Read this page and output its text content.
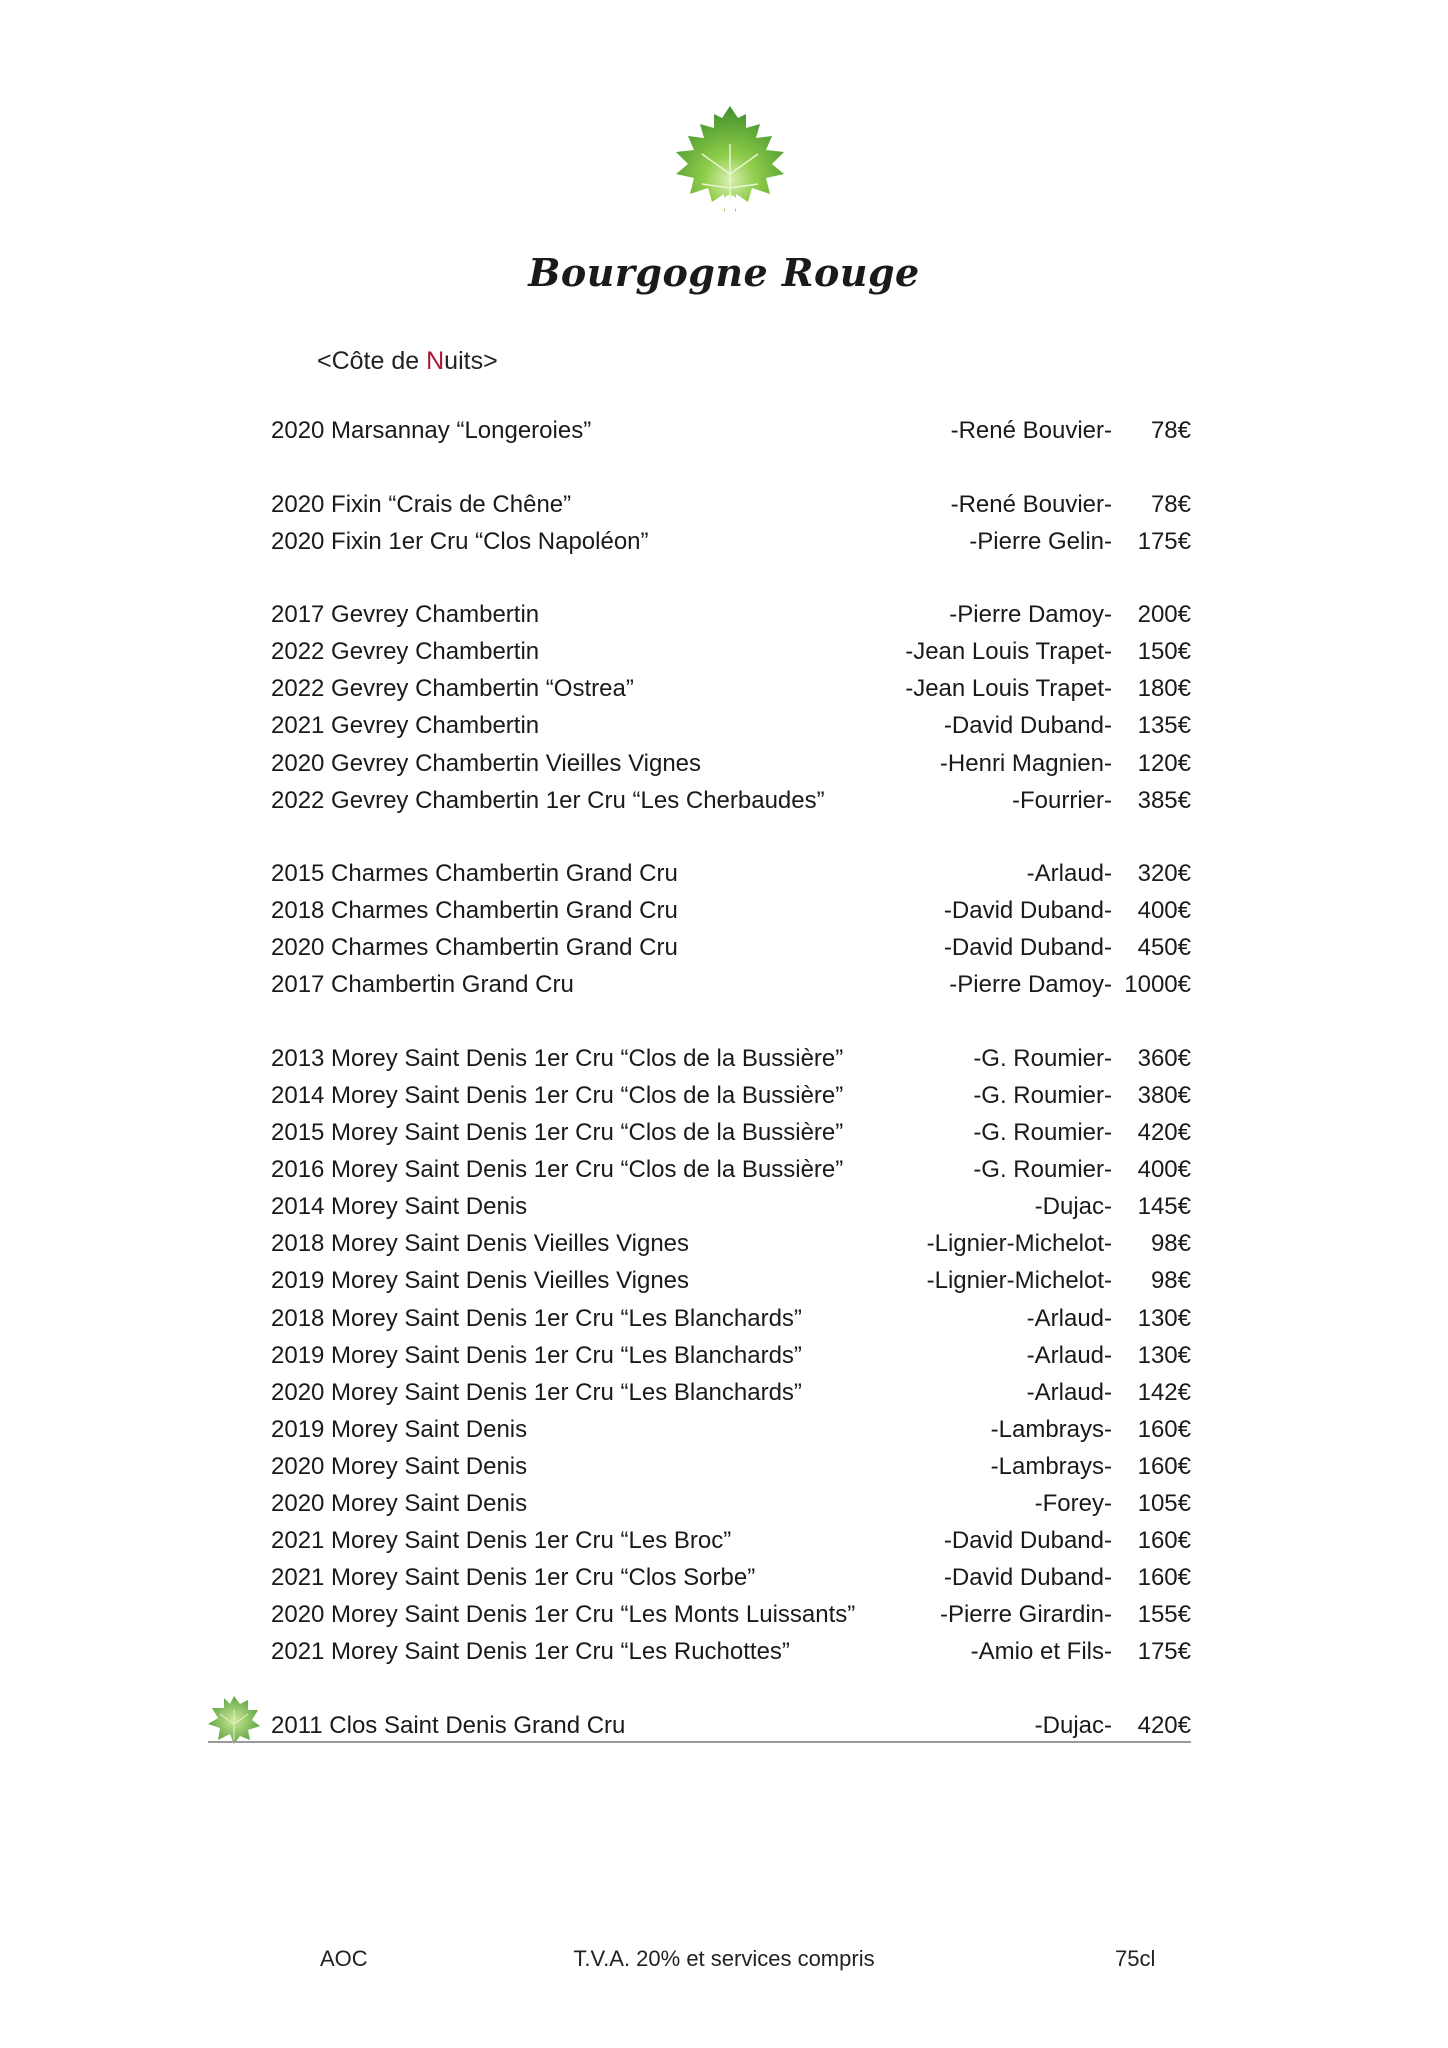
Bourgogne Rouge
<Côte de Nuits>
2020 Marsannay “Longeroies”	-René Bouvier-	78€
2020 Fixin “Crais de Chêne”	-René Bouvier-	78€
2020 Fixin 1er Cru “Clos Napoléon”	-Pierre Gelin-	175€
2017 Gevrey Chambertin	-Pierre Damoy-	200€
2022 Gevrey Chambertin	-Jean Louis Trapet-	150€
2022 Gevrey Chambertin “Ostrea”	-Jean Louis Trapet-	180€
2021 Gevrey Chambertin	-David Duband-	135€
2020 Gevrey Chambertin Vieilles Vignes	-Henri Magnien-	120€
2022 Gevrey Chambertin 1er Cru “Les Cherbaudes”	-Fourrier-	385€
2015 Charmes Chambertin Grand Cru	-Arlaud-	320€
2018 Charmes Chambertin Grand Cru	-David Duband-	400€
2020 Charmes Chambertin Grand Cru	-David Duband-	450€
2017 Chambertin Grand Cru	-Pierre Damoy- 1000€
2013 Morey Saint Denis 1er Cru “Clos de la Bussière”	-G. Roumier-	360€
2014 Morey Saint Denis 1er Cru “Clos de la Bussière”	-G. Roumier-	380€
2015 Morey Saint Denis 1er Cru “Clos de la Bussière”	-G. Roumier-	420€
2016 Morey Saint Denis 1er Cru “Clos de la Bussière”	-G. Roumier-	400€
2014 Morey Saint Denis	-Dujac-	145€
2018 Morey Saint Denis Vieilles Vignes	-Lignier-Michelot-	98€
2019 Morey Saint Denis Vieilles Vignes	-Lignier-Michelot-	98€
2018 Morey Saint Denis 1er Cru “Les Blanchards”	-Arlaud-	130€
2019 Morey Saint Denis 1er Cru “Les Blanchards”	-Arlaud-	130€
2020 Morey Saint Denis 1er Cru “Les Blanchards”	-Arlaud-	142€
2019 Morey Saint Denis	-Lambrays-	160€
2020 Morey Saint Denis	-Lambrays-	160€
2020 Morey Saint Denis	-Forey-	105€
2021 Morey Saint Denis 1er Cru “Les Broc”	-David Duband-	160€
2021 Morey Saint Denis 1er Cru “Clos Sorbe”	-David Duband-	160€
2020 Morey Saint Denis 1er Cru “Les Monts Luissants”	-Pierre Girardin-	155€
2021 Morey Saint Denis 1er Cru “Les Ruchottes”	-Amio et Fils-	175€
2011 Clos Saint Denis Grand Cru	-Dujac-	420€
AOC	T.V.A. 20% et services compris	75cl
